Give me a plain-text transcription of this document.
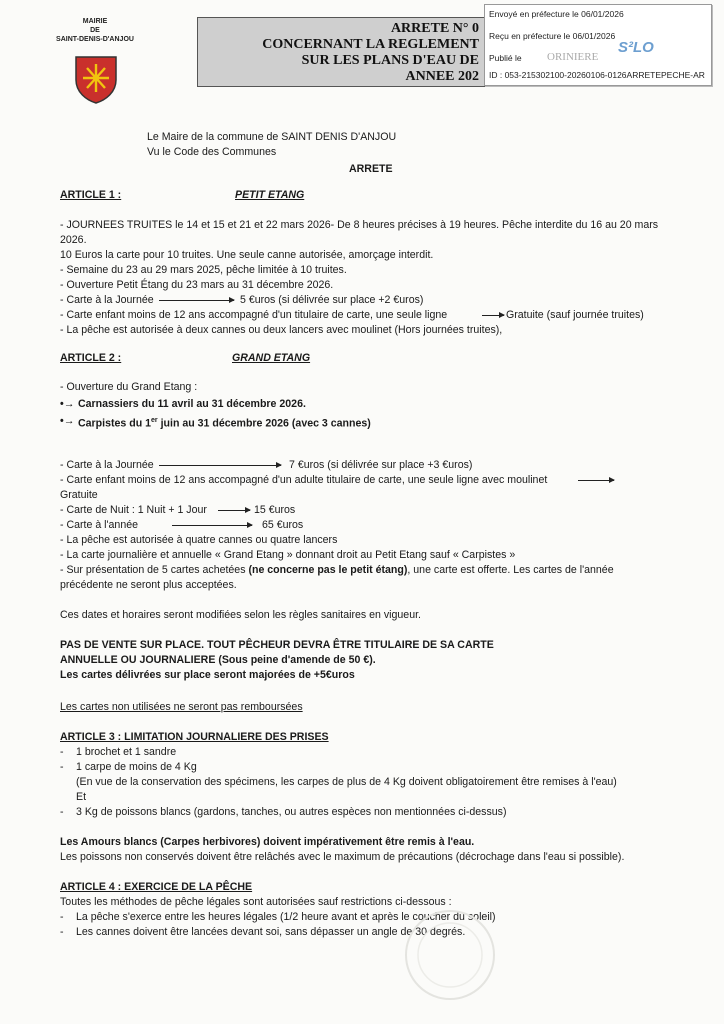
MAIRIE
DE
SAINT-DENIS-D'ANJOU
ARRETE N° 0
CONCERNANT LA REGLEMENT
SUR LES PLANS D'EAU DE
ANNEE 202
Envoyé en préfecture le 06/01/2026
Reçu en préfecture le 06/01/2026
Publié le ORINIERE
S²LO
ID : 053-215302100-20260106-0126ARRETEPECHE-AR
Le Maire de la commune de SAINT DENIS D'ANJOU
Vu le Code des Communes
ARRETE
ARTICLE 1 :	PETIT ETANG
- JOURNEES TRUITES le 14 et 15 et 21 et 22 mars 2026- De 8 heures précises à 19 heures. Pêche interdite du 16 au 20 mars
2026.
10 Euros la carte pour 10 truites. Une seule canne autorisée, amorçage interdit.
- Semaine du 23 au 29 mars 2025, pêche limitée à 10 truites.
- Ouverture Petit Étang du 23 mars au 31 décembre 2026.
- Carte à la Journée	5 €uros (si délivrée sur place +2 €uros)
- Carte enfant moins de 12 ans accompagné d'un titulaire de carte, une seule ligne	Gratuite (sauf journée truites)
- La pêche est autorisée à deux cannes ou deux lancers avec moulinet (Hors journées truites),
ARTICLE 2 :	GRAND ETANG
- Ouverture du Grand Etang :
•→ Carnassiers du 11 avril au 31 décembre 2026.
•→ Carpistes du 1er juin au 31 décembre 2026 (avec 3 cannes)
- Carte à la Journée	7 €uros (si délivrée sur place +3 €uros)
- Carte enfant moins de 12 ans accompagné d'un adulte titulaire de carte, une seule ligne avec moulinet
Gratuite
- Carte de Nuit : 1 Nuit + 1 Jour	15 €uros
- Carte à l'année	65 €uros
- La pêche est autorisée à quatre cannes ou quatre lancers
- La carte journalière et annuelle « Grand Etang » donnant droit au Petit Etang sauf « Carpistes »
- Sur présentation de 5 cartes achetées (ne concerne pas le petit étang), une carte est offerte. Les cartes de l'année
précédente ne seront plus acceptées.
Ces dates et horaires seront modifiées selon les règles sanitaires en vigueur.
PAS DE VENTE SUR PLACE. TOUT PÊCHEUR DEVRA ÊTRE TITULAIRE DE SA CARTE
ANNUELLE OU JOURNALIERE (Sous peine d'amende de 50 €).
Les cartes délivrées sur place seront majorées de +5€uros
Les cartes non utilisées ne seront pas remboursées
ARTICLE 3 : LIMITATION JOURNALIERE DES PRISES
- 1 brochet et 1 sandre
- 1 carpe de moins de 4 Kg
(En vue de la conservation des spécimens, les carpes de plus de 4 Kg doivent obligatoirement être remises à l'eau)
Et
- 3 Kg de poissons blancs (gardons, tanches, ou autres espèces non mentionnées ci-dessus)
Les Amours blancs (Carpes herbivores) doivent impérativement être remis à l'eau.
Les poissons non conservés doivent être relâchés avec le maximum de précautions (décrochage dans l'eau si possible).
ARTICLE 4 : EXERCICE DE LA PÊCHE
Toutes les méthodes de pêche légales sont autorisées sauf restrictions ci-dessous :
- La pêche s'exerce entre les heures légales (1/2 heure avant et après le coucher du soleil)
- Les cannes doivent être lancées devant soi, sans dépasser un angle de 30 degrés.
